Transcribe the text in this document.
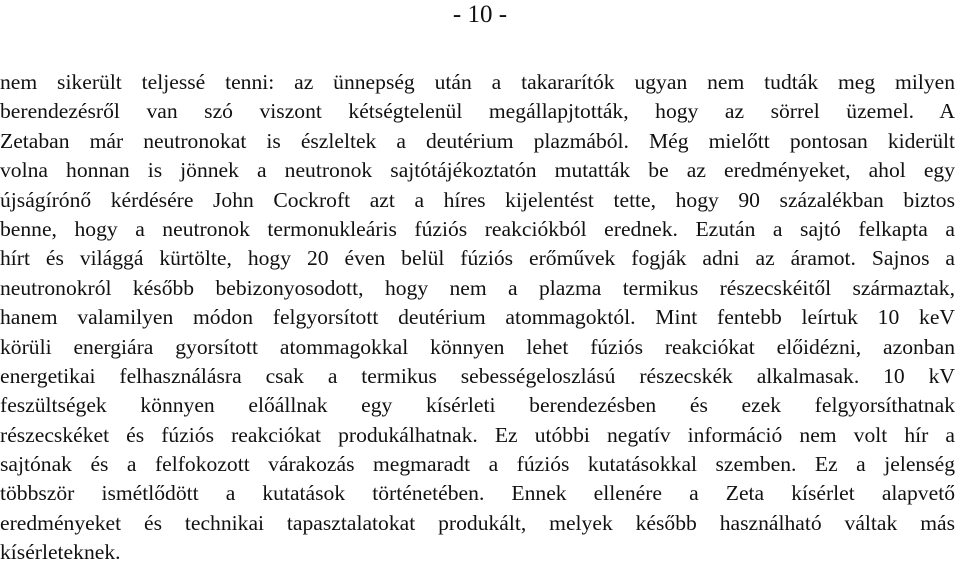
- 10 -
nem sikerült teljessé tenni: az ünnepség után a takararítók ugyan nem tudták meg milyen
berendezésről van szó viszont kétségtelenül megállapjtották, hogy az sörrel üzemel. A
Zetaban már neutronokat is észleltek a deutérium plazmából. Még mielőtt pontosan kiderült
volna honnan is jönnek a neutronok sajtótájékoztatón mutatták be az eredményeket, ahol egy
újságírónő kérdésére John Cockroft azt a híres kijelentést tette, hogy 90 százalékban biztos
benne, hogy a neutronok termonukleáris fúziós reakciókból erednek. Ezután a sajtó felkapta a
hírt és világgá kürtölte, hogy 20 éven belül fúziós erőművek fogják adni az áramot. Sajnos a
neutronokról később bebizonyosodott, hogy nem a plazma termikus részecskéitől származtak,
hanem valamilyen módon felgyorsított deutérium atommagoktól. Mint fentebb leírtuk 10 keV
körüli energiára gyorsított atommagokkal könnyen lehet fúziós reakciókat előidézni, azonban
energetikai felhasználásra csak a termikus sebességeloszlású részecskék alkalmasak. 10 kV
feszültségek könnyen előállnak egy kísérleti berendezésben és ezek felgyorsíthatnak
részecskéket és fúziós reakciókat produkálhatnak. Ez utóbbi negatív információ nem volt hír a
sajtónak és a felfokozott várakozás megmaradt a fúziós kutatásokkal szemben. Ez a jelenség
többször ismétlődött a kutatások történetében. Ennek ellenére a Zeta kísérlet alapvető
eredményeket és technikai tapasztalatokat produkált, melyek később használható váltak más
kísérleteknek.
